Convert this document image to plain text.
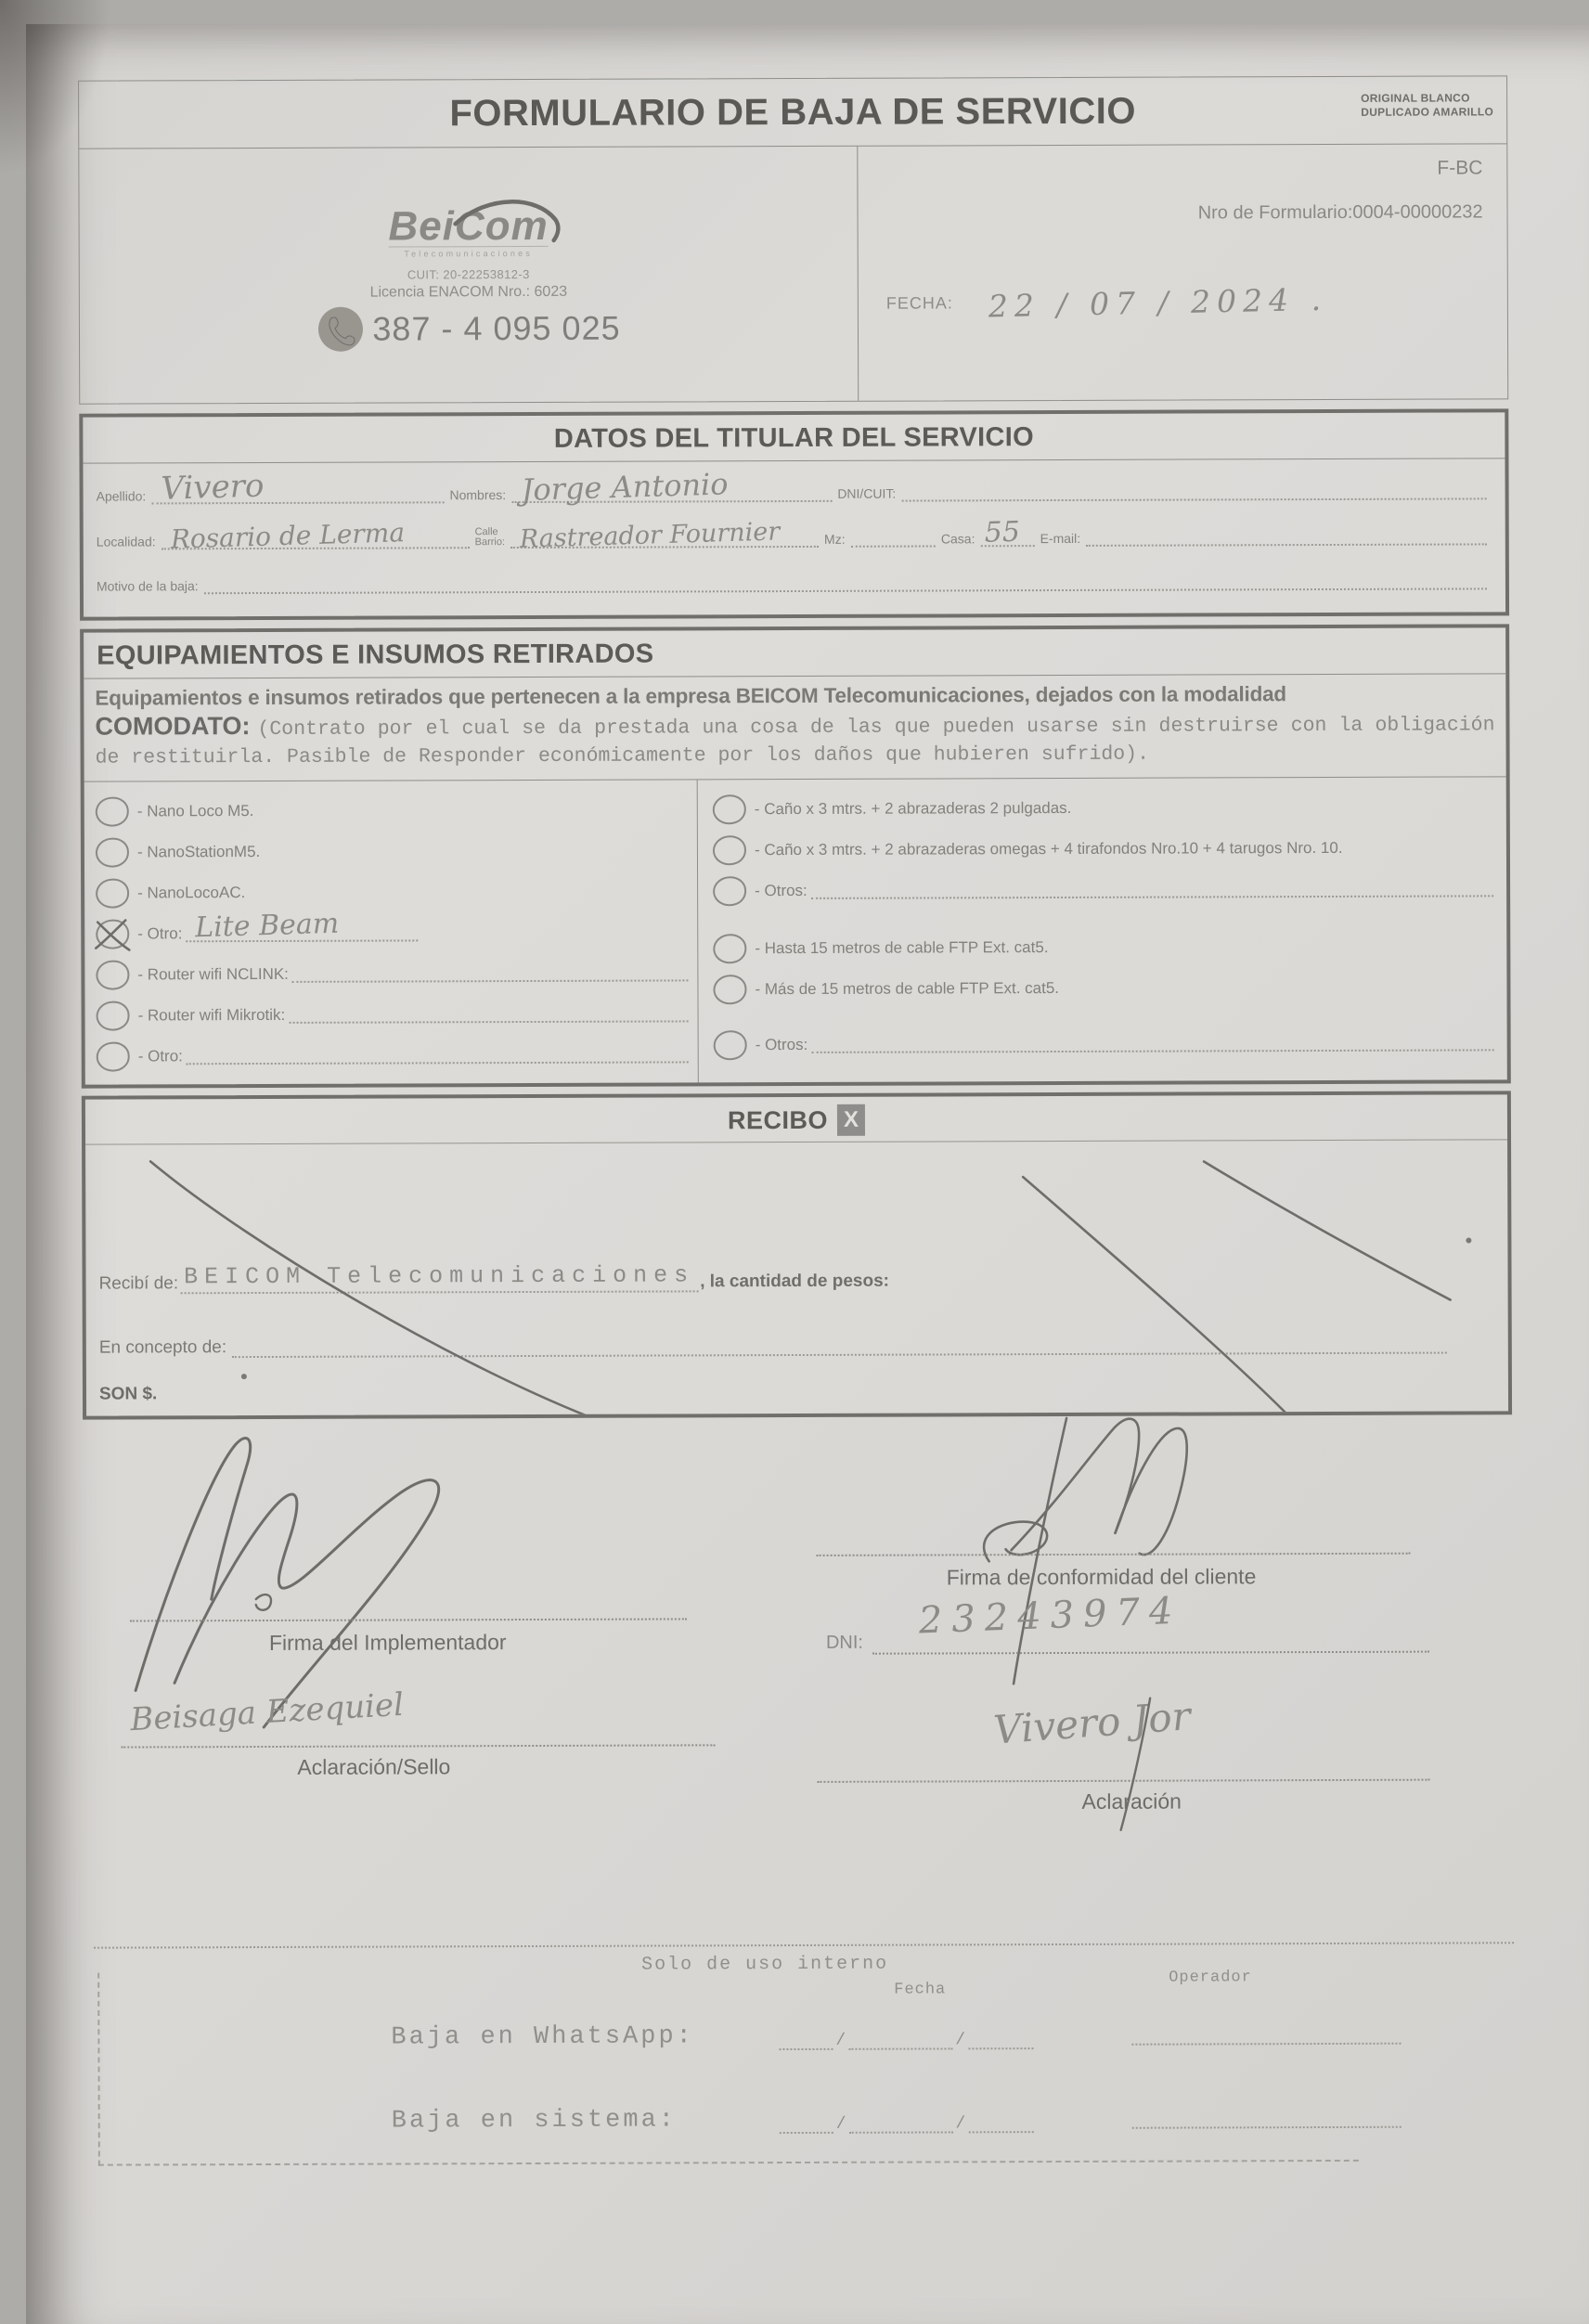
FORMULARIO DE BAJA DE SERVICIO	ORIGINAL BLANCO
DUPLICADO AMARILLO
BeiCom
Telecomunicaciones
CUIT: 20-22253812-3
Licencia ENACOM Nro.: 6023
387 - 4 095 025
F-BC
Nro de Formulario:0004-00000232
FECHA: 22 / 07 / 2024 .
DATOS DEL TITULAR DEL SERVICIO
Apellido: Vivero	Nombres: Jorge Antonio	DNI/CUIT:
Localidad: Rosario de Lerma	Calle
Barrio: Rastreador Fournier	Mz:	Casa: 55 E-mail:
Motivo de la baja:
EQUIPAMIENTOS E INSUMOS RETIRADOS
Equipamientos e insumos retirados que pertenecen a la empresa BEICOM Telecomunicaciones, dejados con la modalidad
COMODATO: (Contrato por el cual se da prestada una cosa de las que pueden usarse sin destruirse con la obligación de restituirla. Pasible de Responder económicamente por los daños que hubieren sufrido).
- Nano Loco M5.
- NanoStationM5.
- NanoLocoAC.
- Otro: Lite Beam
- Router wifi NCLINK:
- Router wifi Mikrotik:
- Otro:
- Caño x 3 mtrs. + 2 abrazaderas 2 pulgadas.
- Caño x 3 mtrs. + 2 abrazaderas omegas + 4 tirafondos Nro.10 + 4 tarugos Nro. 10.
- Otros:
- Hasta 15 metros de cable FTP Ext. cat5.
- Más de 15 metros de cable FTP Ext. cat5.
- Otros:
RECIBO X
Recibí de: BEICOM Telecomunicaciones , la cantidad de pesos:
En concepto de:
SON $.
Firma del Implementador
Firma de conformidad del cliente
23243974
DNI:
Beisaga Ezequiel
Aclaración/Sello
Vivero Jor
Aclaración
Solo de uso interno
Fecha
Operador
Baja en WhatsApp:	/	/
Baja en sistema:	/	/
